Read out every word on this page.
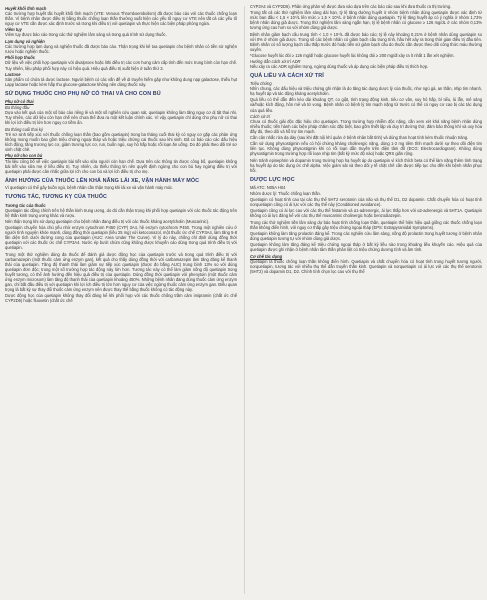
Huyết khối tĩnh mạch

Các trường hợp huyết tắc huyết khối tĩnh mạch (VTE: Venous Thromboembolism) đã được báo cáo với các thuốc chống loạn thần. Vì bệnh nhân được điều trị bằng thuốc chống loạn thần thường xuất hiện các yếu tố nguy cơ VTE nên tất cả các yếu tố nguy cơ VTE cần được xác định trước và trong khi điều trị với quetiapin và thực hiện các biện pháp phòng ngừa.

Viêm tụy

Viêm tụy được báo cáo trong các thử nghiệm lâm sàng và trong quá trình sử dụng thuốc.

Lạm dụng và nghiện

Các trường hợp lạm dụng và nghiện thuốc đã được báo cáo. Thận trọng khi kê toa quetiapin cho bệnh nhân có tiền sử nghiện rượu hoặc nghiện thuốc.

Phối hợp thuốc

Dữ liệu về việc phối hợp quetiapin với divalproex hoặc lithi điều trị các cơn hưng cảm cấp tính đến mức trung bình còn hạn chế. Tuy nhiên, liệu pháp phối hợp này có hiệu quả. Hiệu quả điều trị xuất hiện ở tuần thứ 3.

Lactose

Sản phẩm có chứa tá dược lactose. Người bệnh có các vấn đề về di truyền hiếm gặp như không dung nạp galactose, thiếu hụt Lapp lactase hoặc kém hấp thu glucose-galactose không nên dùng thuốc này.

SỬ DỤNG THUỐC CHO PHỤ NỮ CÓ THAI VÀ CHO CON BÚ
Phụ nữ có thai
Ba tháng đầu

Dựa vào kết quả của một số báo cáo riêng lẻ và một số nghiên cứu quan sát, quetiapin không làm tăng nguy cơ dị tật thai nhi. Tuy nhiên, các dữ liệu còn hạn chế nên chưa thể đưa ra một kết luận chính xác. Vì vậy quetiapin chỉ dùng cho phụ nữ có thai khi lợi ích điều trị lớn hơn nguy cơ tiềm ẩn.

Ba tháng cuối thai kỳ

Trẻ sơ sinh tiếp xúc với thuốc chống loạn thần (bao gồm quetiapin) trong ba tháng cuối thai kỳ có nguy cơ gặp các phản ứng không mong muốn bao gồm triệu chứng ngoại tháp và hoặc triệu chứng cai thuốc sau khi sinh. Đã có báo cáo các dấu hiệu kích động, tăng trương lực cơ, giảm trương lực cơ, run, buồn ngủ, suy hô hấp hoặc rối loạn ăn uống. Do đó phải theo dõi trẻ sơ sinh chặt chẽ.

Phụ nữ cho con bú

Tài liệu công bố về việc quetiapin bài tiết vào sữa người còn hạn chế. Dựa trên các thông tin được công bố, quetiapin không bài tiết vào sữa mẹ ở liều điều trị. Tuy nhiên, do thiếu thông tin nên quyết định ngừng cho con bú hay ngừng điều trị với quetiapin phải được cân nhắc giữa lợi ích cho con bú và lợi ích điều trị cho mẹ.

ẢNH HƯỞNG CỦA THUỐC LÊN KHẢ NĂNG LÁI XE, VẬN HÀNH MÁY MÓC

Vì quetiapin có thể gây buồn ngủ, bệnh nhân cần thận trọng khi lái xe và vận hành máy móc.

TƯƠNG TÁC, TƯƠNG KỴ CỦA THUỐC
Tương tác của thuốc

Quetiapin tác động chính trên hệ thần kinh trung ương, do đó cần thận trọng khi phối hợp quetiapin với các thuốc tác động trên hệ thần kinh trung ương khác và rượu.

Nên thận trọng khi sử dụng quetiapin cho bệnh nhân đang điều trị với các thuốc kháng acetylcholin (Muscarinic).

Quetiapin chuyển hóa chủ yếu nhờ enzym cytochrom P450 (CYP) 3A4, hệ enzym cytochrom P450. Trong một nghiên cứu ở người tình nguyện khỏe mạnh, dùng đồng thời quetiapin (liều 25 mg) với ketoconazol, một thuốc ức chế CYP3A4, làm tăng 5-8 lần diện tích dưới đường cong của quetiapin (AUC: Area Under The Curve). Vì lý do này, chống chỉ định dùng đồng thời quetiapin với các thuốc ức chế CYP3A4. Nước ép bưởi chùm cũng không được khuyến cáo dùng trong quá trình điều trị với quetiapin.

Trong một thử nghiệm dùng đa thuốc để đánh giá dược động học của quetiapin trước và trong quá trình điều trị với carbamazepin (một thuốc cảm ứng enzym gan), kết quả cho thấy dùng đồng thời với carbamazepin làm tăng đáng kể thanh thải của quetiapin. Tăng độ thanh thải làm giảm sự tiếp xúc quetiapin (được đo bằng AUC) trung bình 13% so với dùng quetiapin đơn độc; trong một số trường hợp tác động này lớn hơn. Tương tác này có thể làm giảm nồng độ quetiapin trong huyết tương, có thể ảnh hưởng đến hiệu quả điều trị của quetiapin. Dùng đồng thời quetiapin với phenytoin (một thuốc cảm ứng enzym microsom) làm tăng độ thanh thải của quetiapin khoảng 450%. Những bệnh nhân đang dùng thuốc cảm ứng enzym gan, chỉ bắt đầu điều trị với quetiapin khi lợi ích điều trị lớn hơn nguy cơ của việc ngừng thuốc cảm ứng enzym gan. Điều quan trọng là bất kỳ sự thay đổi thuốc cảm ứng enzym nên được thay thế bằng thuốc không có tác động này.

Dược động học của quetiapin không thay đổi đáng kể khi phối hợp với các thuốc chống trầm cảm imipramin (chất ức chế CYP2D6) hoặc fluoxetin (chất ức chế

CYP3A4 và CYP2D6). Phân ứng phản vệ được đưa vào dựa trên các báo cáo sau khi đưa thuốc ra thị trường.

Trong tất cả các thử nghiệm lâm sàng dài hạn, tỷ lệ tăng đường huyết ở nhóm bệnh nhân dùng quetiapin được xác định từ mức ban đầu < 1,5 × 10⁹/L lên mức ≥ 1,5 × 10⁹/L ở bệnh nhân dùng quetiapin. Tỷ lệ tăng huyết áp có ý nghĩa ở nhóm 1,72% bệnh nhân dùng giả dược. Trong thử nghiệm lâm sàng ngắn hạn, tỷ lệ bệnh nhân có glucose ≥ 126 mg/dL ở các nhóm 0,13% tương ứng cao hơn so với nhóm dùng giả dược.

Bệnh nhân giảm bạch cầu trung tính < 1,0 × 10⁹/L đã được báo cáo; tỷ lệ này khoảng 0,21% ở bệnh nhân dùng quetiapin so với 0% ở nhóm giả dược. Trong số các bệnh nhân có giảm bạch cầu trung tính, hầu hết xảy ra trong thời gian điều trị đầu tiên. Bệnh nhân có số lượng bạch cầu thấp trước đó hoặc tiền sử giảm bạch cầu do thuốc cần được theo dõi công thức máu thường xuyên.

*Glucose huyết lúc đói ≥ 126 mg/dl hoặc glucose huyết lúc không đói ≥ 200 mg/dl xảy ra ít nhất 1 lần xét nghiệm.

Hướng dẫn cách xử trí ADR

Nếu xảy ra các ADR nghiêm trọng, ngừng dùng thuốc và áp dụng các biện pháp điều trị thích hợp.

QUÁ LIỀU VÀ CÁCH XỬ TRÍ
Triệu chứng

Nhìn chung, các dấu hiệu và triệu chứng ghi nhận là do tăng tác dụng dược lý của thuốc, như ngủ gà, an thần, nhịp tim nhanh, hạ huyết áp và tác động kháng acetylcholin.

Quá liều có thể dẫn đến kéo dài khoảng QT, co giật, tình trạng động kinh, tiêu cơ vân, suy hô hấp, bí tiểu, lú lẫn, mê sảng và/hoặc kích động, hôn mê và tử vong. Bệnh nhân có bệnh lý tim mạch nặng từ trước có thể có nguy cơ cao bị các tác dụng của quá liều.

Cách xử trí

Chưa có thuốc giải độc đặc hiệu cho quetiapin. Trong trường hợp nhiễm độc nặng, cần xem xét khả năng bệnh nhân dùng nhiều thuốc; tiến hành các biện pháp chăm sóc đặc biệt, bao gồm thiết lập và duy trì đường thở, đảm bảo thông khí và oxy hóa đầy đủ, theo dõi và hỗ trợ tim mạch.

Cần cân nhắc rửa dạ dày (sau khi đặt nội khí quản ở bệnh nhân bất tỉnh) và dùng than hoạt tính kèm thuốc nhuận tràng.

Cần sử dụng physostigmin nếu có hội chứng kháng cholinergic nặng, dùng 1-2 mg tiêm tĩnh mạch dưới sự theo dõi điện tim liên tục. Không dùng physostigmin khi có rối loạn dẫn truyền trên điện tâm đồ (ECG: Electrocardiogram). Không dùng physostigmin trong trường hợp rối loạn nhịp tim (bất kỳ mức độ nào) hoặc QRS giãn rộng.

Nên tránh epinephrin và dopamin trong trường hợp hạ huyết áp do quetiapin vì kích thích beta có thể làm nặng thêm tình trạng hạ huyết áp do tác dụng ức chế alpha. Việc giám sát và theo dõi y tế chặt chẽ cần được tiếp tục cho đến khi bệnh nhân phục hồi.

DƯỢC LỰC HỌC

Mã ATC: N05A H04

Nhóm dược lý: Thuốc chống loạn thần.

Quetiapin có hoạt tính cao tại các thụ thể 5HT2 serotonin của não và thụ thể D1, D2 dopamin. Chất chuyển hóa có hoạt tính norquetiapin cũng có ái lực với các thụ thể này (Conditioned avoidance).

Quetiapin cũng có ái lực cao với các thụ thể histamin và α1-adrenergic, ái lực thấp hơn với α2-adrenergic và 5HT1A. Quetiapin không có ái lực đáng kể với các thụ thể muscarinic cholinergic hoặc benzodiazepin.

Trong các thử nghiệm tiền lâm sàng dự báo hoạt tính chống loạn thần, quetiapin thể hiện hiệu quả giống các thuốc chống loạn thần không điển hình, với nguy cơ thấp gây triệu chứng ngoại tháp (EPS: Extrapyramidal Symptoms).

Quetiapin không làm tăng prolactin đáng kể. Trong các nghiên cứu lâm sàng, nồng độ prolactin trong huyết tương ở bệnh nhân dùng quetiapin tương tự với nhóm dùng giả dược.

Quetiapin không làm tăng đáng kể triệu chứng ngoại tháp ở bất kỳ liều nào trong khoảng liều khuyến cáo. Hiệu quả của quetiapin được ghi nhận ở bệnh nhân tâm thần phân liệt có triệu chứng dương tính và âm tính.

Cơ chế tác dụng

Quetiapin là thuốc chống loạn thần không điển hình. Quetiapin và chất chuyển hóa có hoạt tính trong huyết tương người, norquetiapin, tương tác với nhiều thụ thể dẫn truyền thần kinh. Quetiapin và norquetiapin có ái lực với các thụ thể serotonin (5HT2) và dopamin D1, D2. Chính tính chọn lọc cao với thụ thể
